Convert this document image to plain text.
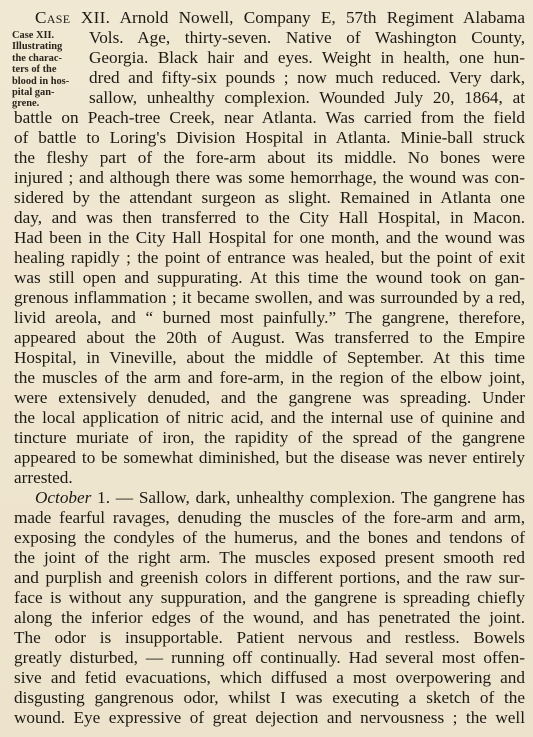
Case XII. Arnold Nowell, Company E, 57th Regiment Alabama
Case XII.
Illustrating
the charac-
ters of the
blood in hos-
pital gan-
grene.
Vols. Age, thirty-seven. Native of Washington County,
Georgia. Black hair and eyes. Weight in health, one hun-
dred and fifty-six pounds ; now much reduced. Very dark,
sallow, unhealthy complexion. Wounded July 20, 1864, at
battle on Peach-tree Creek, near Atlanta. Was carried from the field
of battle to Loring's Division Hospital in Atlanta. Minie-ball struck
the fleshy part of the fore-arm about its middle. No bones were
injured ; and although there was some hemorrhage, the wound was con-
sidered by the attendant surgeon as slight. Remained in Atlanta one
day, and was then transferred to the City Hall Hospital, in Macon.
Had been in the City Hall Hospital for one month, and the wound was
healing rapidly ; the point of entrance was healed, but the point of exit
was still open and suppurating. At this time the wound took on gan-
grenous inflammation ; it became swollen, and was surrounded by a red,
livid areola, and “ burned most painfully.” The gangrene, therefore,
appeared about the 20th of August. Was transferred to the Empire
Hospital, in Vineville, about the middle of September. At this time
the muscles of the arm and fore-arm, in the region of the elbow joint,
were extensively denuded, and the gangrene was spreading. Under
the local application of nitric acid, and the internal use of quinine and
tincture muriate of iron, the rapidity of the spread of the gangrene
appeared to be somewhat diminished, but the disease was never entirely
arrested.
October 1. — Sallow, dark, unhealthy complexion. The gangrene has
made fearful ravages, denuding the muscles of the fore-arm and arm,
exposing the condyles of the humerus, and the bones and tendons of
the joint of the right arm. The muscles exposed present smooth red
and purplish and greenish colors in different portions, and the raw sur-
face is without any suppuration, and the gangrene is spreading chiefly
along the inferior edges of the wound, and has penetrated the joint.
The odor is insupportable. Patient nervous and restless. Bowels
greatly disturbed, — running off continually. Had several most offen-
sive and fetid evacuations, which diffused a most overpowering and
disgusting gangrenous odor, whilst I was executing a sketch of the
wound. Eye expressive of great dejection and nervousness ; the well
